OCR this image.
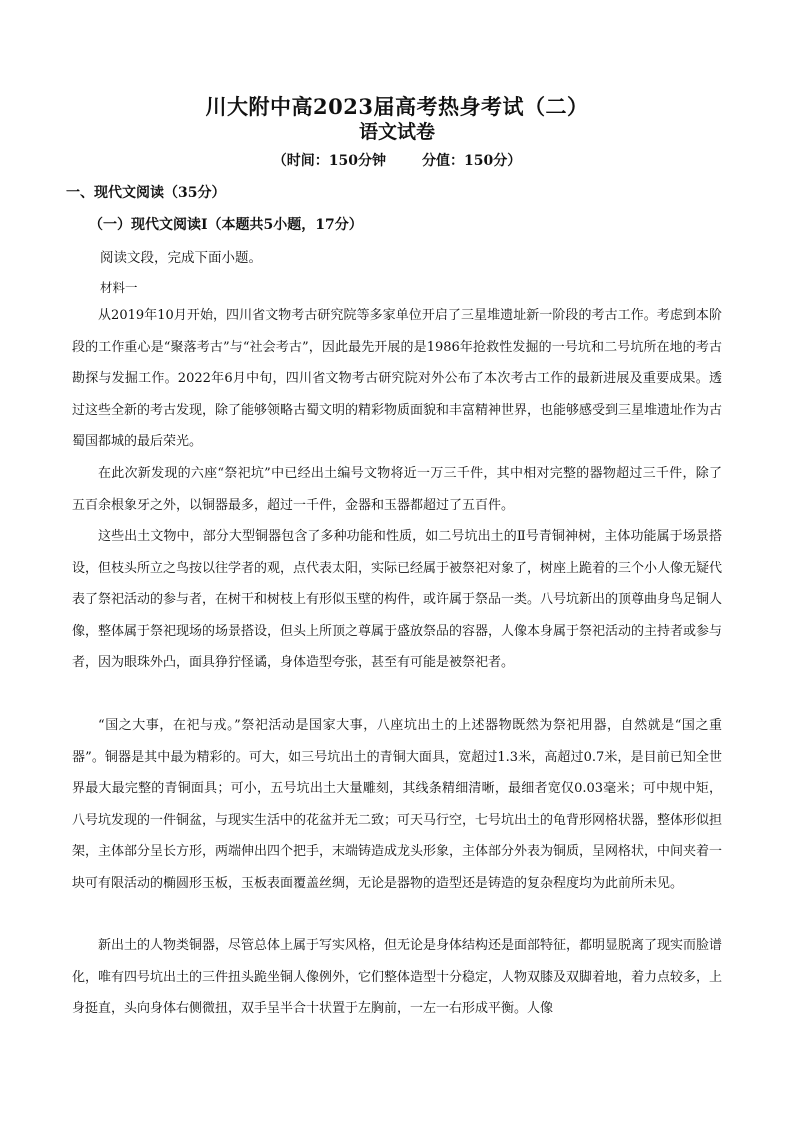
川大附中高2023届高考热身考试（二）
语文试卷
（时间：150分钟	分值：150分）
一、现代文阅读（35分）
（一）现代文阅读Ⅰ（本题共5小题，17分）
阅读文段，完成下面小题。
材料一

从2019年10月开始，四川省文物考古研究院等多家单位开启了三星堆遗址新一阶段的考古工作。考虑到本阶段的工作重心是“聚落考古”与“社会考古”，因此最先开展的是1986年抢救性发掘的一号坑和二号坑所在地的考古勘探与发掘工作。2022年6月中旬，四川省文物考古研究院对外公布了本次考古工作的最新进展及重要成果。透过这些全新的考古发现，除了能够领略古蜀文明的精彩物质面貌和丰富精神世界，也能够感受到三星堆遗址作为古蜀国都城的最后荣光。

在此次新发现的六座“祭祀坑”中已经出土编号文物将近一万三千件，其中相对完整的器物超过三千件，除了五百余根象牙之外，以铜器最多，超过一千件，金器和玉器都超过了五百件。

这些出土文物中，部分大型铜器包含了多种功能和性质，如二号坑出土的Ⅱ号青铜神树，主体功能属于场景搭设，但枝头所立之鸟按以往学者的观，点代表太阳，实际已经属于被祭祀对象了，树座上跪着的三个小人像无疑代表了祭祀活动的参与者，在树干和树枝上有形似玉壁的构件，或许属于祭品一类。八号坑新出的顶尊曲身鸟足铜人像，整体属于祭祀现场的场景搭设，但头上所顶之尊属于盛放祭品的容器，人像本身属于祭祀活动的主持者或参与者，因为眼珠外凸，面具狰狞怪谲，身体造型夸张，甚至有可能是被祭祀者。

“国之大事，在祀与戎。”祭祀活动是国家大事，八座坑出土的上述器物既然为祭祀用器，自然就是“国之重器”。铜器是其中最为精彩的。可大，如三号坑出土的青铜大面具，宽超过1.3米，高超过0.7米，是目前已知全世界最大最完整的青铜面具；可小，五号坑出土大量雕刻，其线条精细清晰，最细者宽仅0.03毫米；可中规中矩，八号坑发现的一件铜盆，与现实生活中的花盆并无二致；可天马行空，七号坑出土的龟背形网格状器，整体形似担架，主体部分呈长方形，两端伸出四个把手，末端铸造成龙头形象，主体部分外表为铜质，呈网格状，中间夹着一块可有限活动的椭圆形玉板，玉板表面覆盖丝绸，无论是器物的造型还是铸造的复杂程度均为此前所未见。

新出土的人物类铜器，尽管总体上属于写实风格，但无论是身体结构还是面部特征，都明显脱离了现实而脸谱化，唯有四号坑出土的三件扭头跪坐铜人像例外，它们整体造型十分稳定，人物双膝及双脚着地，着力点较多，上身挺直，头向身体右侧微扭，双手呈半合十状置于左胸前，一左一右形成平衡。人像
